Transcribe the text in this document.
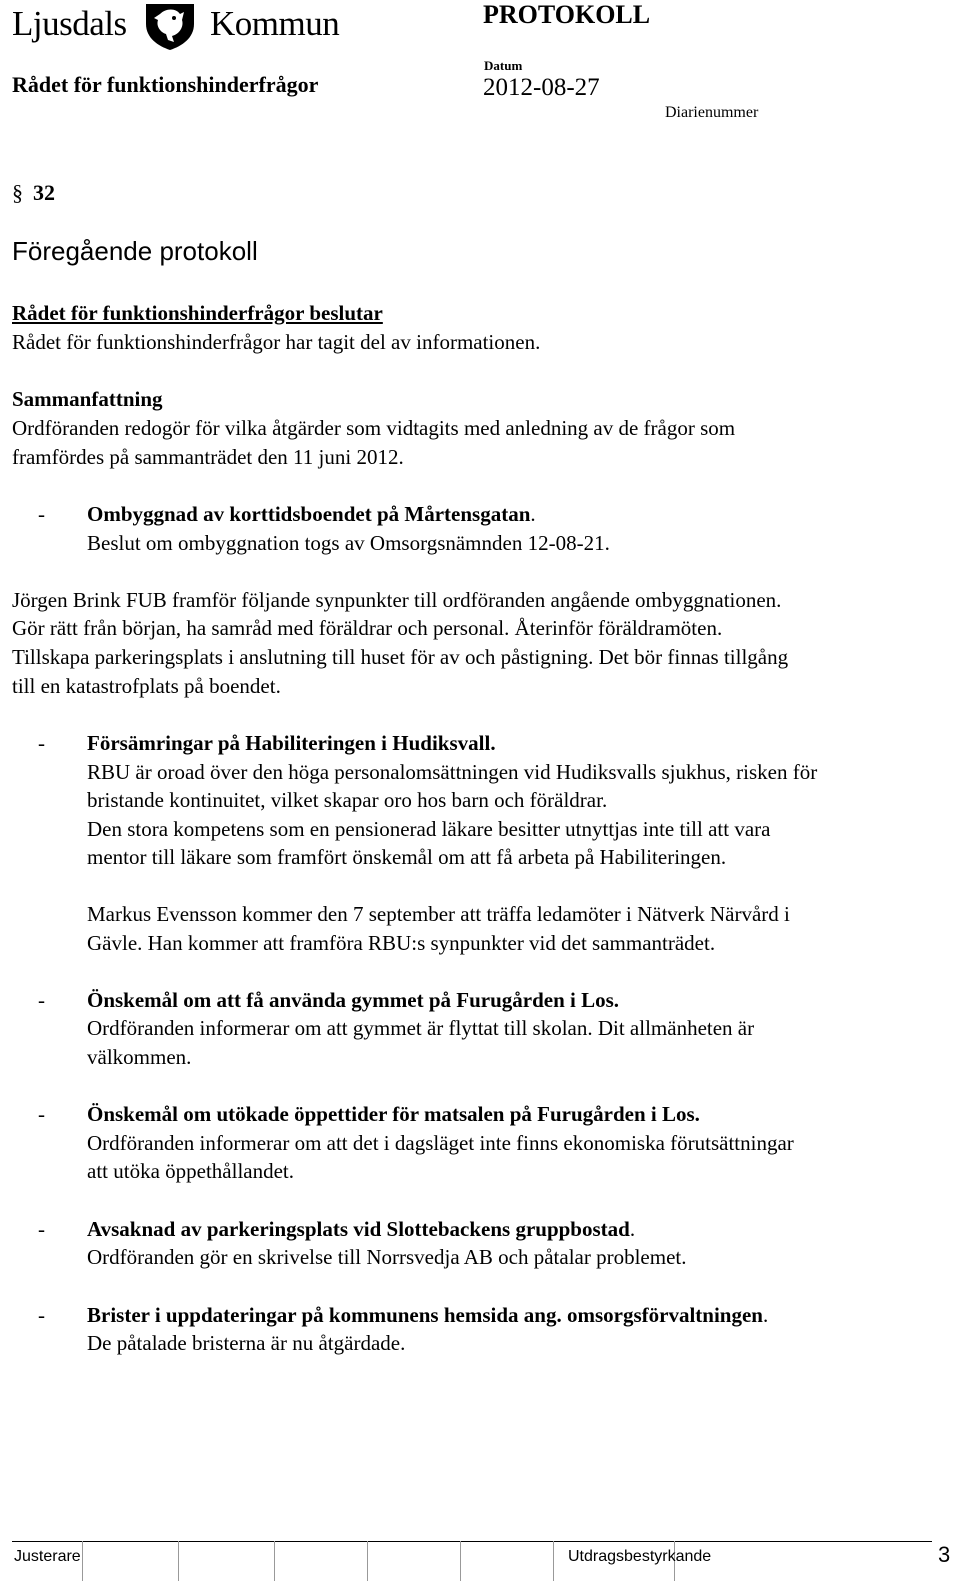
Ljusdals Kommun	PROTOKOLL
Rådet för funktionshinderfrågor
Datum
2012-08-27
Diarienummer
§ 32
Föregående protokoll
Rådet för funktionshinderfrågor beslutar
Rådet för funktionshinderfrågor har tagit del av informationen.
Sammanfattning
Ordföranden redogör för vilka åtgärder som vidtagits med anledning av de frågor som
framfördes på sammanträdet den 11 juni 2012.
- Ombyggnad av korttidsboendet på Mårtensgatan.
Beslut om ombyggnation togs av Omsorgsnämnden 12-08-21.
Jörgen Brink FUB framför följande synpunkter till ordföranden angående ombyggnationen.
Gör rätt från början, ha samråd med föräldrar och personal. Återinför föräldramöten.
Tillskapa parkeringsplats i anslutning till huset för av och påstigning. Det bör finnas tillgång
till en katastrofplats på boendet.
- Försämringar på Habiliteringen i Hudiksvall.
RBU är oroad över den höga personalomsättningen vid Hudiksvalls sjukhus, risken för
bristande kontinuitet, vilket skapar oro hos barn och föräldrar.
Den stora kompetens som en pensionerad läkare besitter utnyttjas inte till att vara
mentor till läkare som framfört önskemål om att få arbeta på Habiliteringen.
Markus Evensson kommer den 7 september att träffa ledamöter i Nätverk Närvård i
Gävle. Han kommer att framföra RBU:s synpunkter vid det sammanträdet.
- Önskemål om att få använda gymmet på Furugården i Los.
Ordföranden informerar om att gymmet är flyttat till skolan. Dit allmänheten är
välkommen.
- Önskemål om utökade öppettider för matsalen på Furugården i Los.
Ordföranden informerar om att det i dagsläget inte finns ekonomiska förutsättningar
att utöka öppethållandet.
- Avsaknad av parkeringsplats vid Slottebackens gruppbostad.
Ordföranden gör en skrivelse till Norrsvedja AB och påtalar problemet.
- Brister i uppdateringar på kommunens hemsida ang. omsorgsförvaltningen.
De påtalade bristerna är nu åtgärdade.
Justerare	Utdragsbestyrkande	3
